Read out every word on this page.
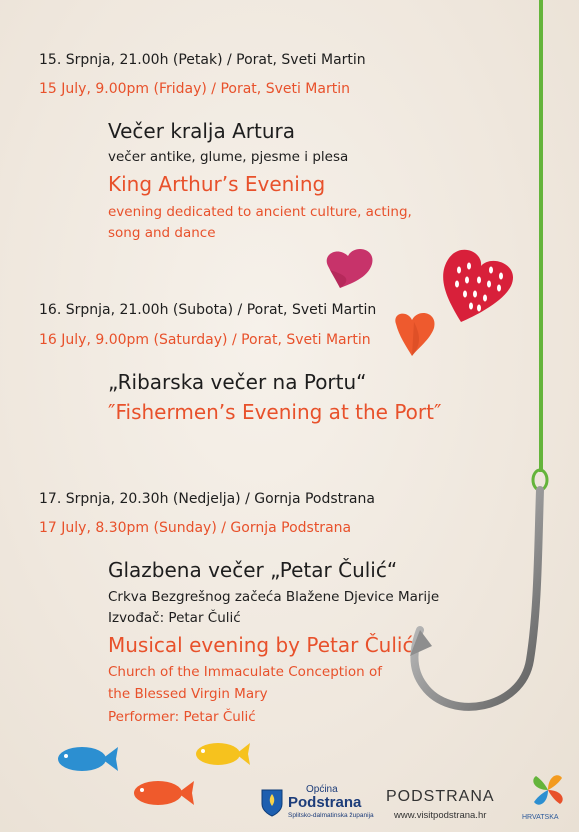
15. Srpnja, 21.00h (Petak) / Porat, Sveti Martin
15 July, 9.00pm (Friday) / Porat, Sveti Martin
Večer kralja Artura
večer antike, glume, pjesme i plesa
King Arthur’s Evening
evening dedicated to ancient culture, acting,
song and dance
16. Srpnja, 21.00h (Subota) / Porat, Sveti Martin
16 July, 9.00pm (Saturday) / Porat, Sveti Martin
„Ribarska večer na Portu“
″Fishermen’s Evening at the Port″
17. Srpnja, 20.30h (Nedjelja) / Gornja Podstrana
17 July, 8.30pm (Sunday) / Gornja Podstrana
Glazbena večer „Petar Čulić“
Crkva Bezgrešnog začeća Blažene Djevice Marije
Izvođač: Petar Čulić
Musical evening by Petar Čulić
Church of the Immaculate Conception of
the Blessed Virgin Mary
Performer: Petar Čulić
Općina
Podstrana
Splitsko-dalmatinska županija
PODSTRANA
www.visitpodstrana.hr	HRVATSKA
